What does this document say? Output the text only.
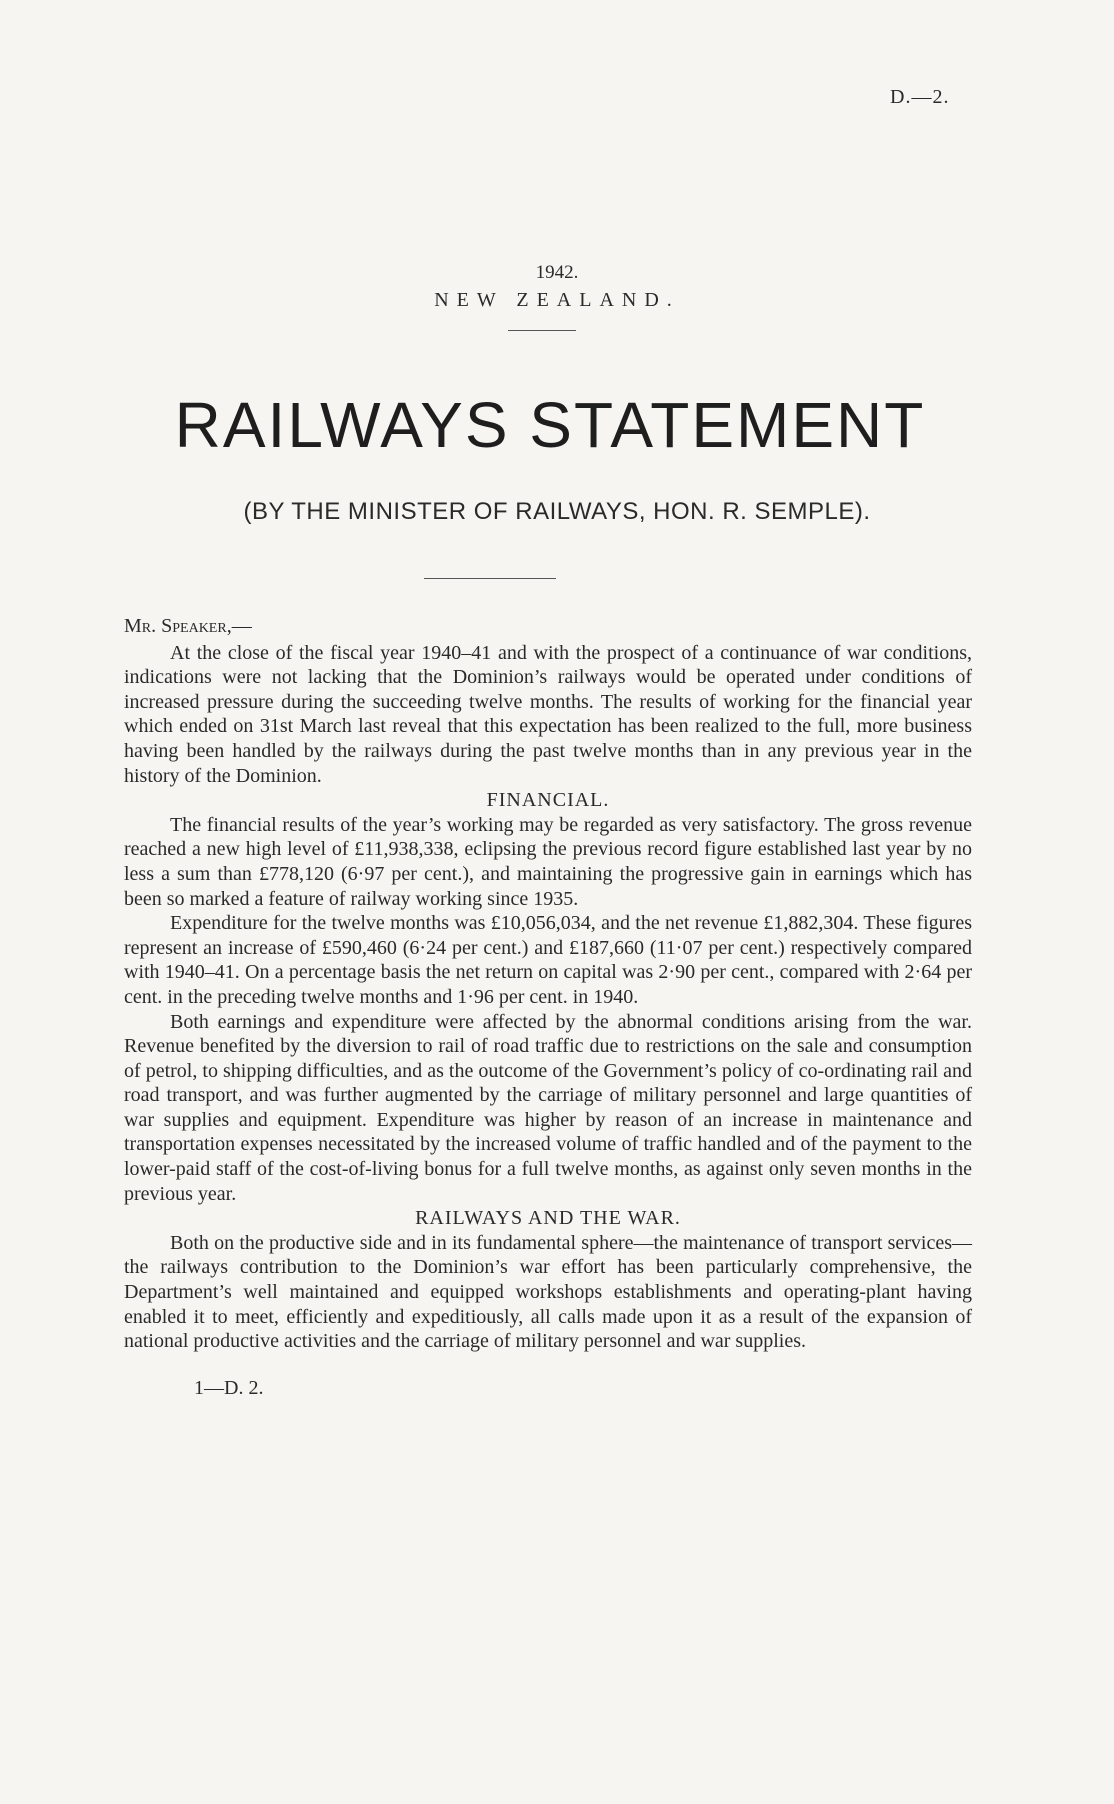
D.—2.
1942.
NEW ZEALAND.
RAILWAYS STATEMENT
(BY THE MINISTER OF RAILWAYS, HON. R. SEMPLE).
Mr. Speaker,—

At the close of the fiscal year 1940–41 and with the prospect of a continuance of war conditions, indications were not lacking that the Dominion’s railways would be operated under conditions of increased pressure during the succeeding twelve months. The results of working for the financial year which ended on 31st March last reveal that this expectation has been realized to the full, more business having been handled by the railways during the past twelve months than in any previous year in the history of the Dominion.

FINANCIAL.

The financial results of the year’s working may be regarded as very satisfactory. The gross revenue reached a new high level of £11,938,338, eclipsing the previous record figure established last year by no less a sum than £778,120 (6·97 per cent.), and maintaining the progressive gain in earnings which has been so marked a feature of railway working since 1935.

Expenditure for the twelve months was £10,056,034, and the net revenue £1,882,304. These figures represent an increase of £590,460 (6·24 per cent.) and £187,660 (11·07 per cent.) respectively compared with 1940–41. On a percentage basis the net return on capital was 2·90 per cent., compared with 2·64 per cent. in the preceding twelve months and 1·96 per cent. in 1940.

Both earnings and expenditure were affected by the abnormal conditions arising from the war. Revenue benefited by the diversion to rail of road traffic due to restrictions on the sale and consumption of petrol, to shipping difficulties, and as the outcome of the Government’s policy of co-ordinating rail and road transport, and was further augmented by the carriage of military personnel and large quantities of war supplies and equipment. Expenditure was higher by reason of an increase in maintenance and transportation expenses necessitated by the increased volume of traffic handled and of the payment to the lower-paid staff of the cost-of-living bonus for a full twelve months, as against only seven months in the previous year.

RAILWAYS AND THE WAR.

Both on the productive side and in its fundamental sphere—the maintenance of transport services—the railways contribution to the Dominion’s war effort has been particularly comprehensive, the Department’s well maintained and equipped workshops establishments and operating-plant having enabled it to meet, efficiently and expeditiously, all calls made upon it as a result of the expansion of national productive activities and the carriage of military personnel and war supplies.

1—D. 2.
